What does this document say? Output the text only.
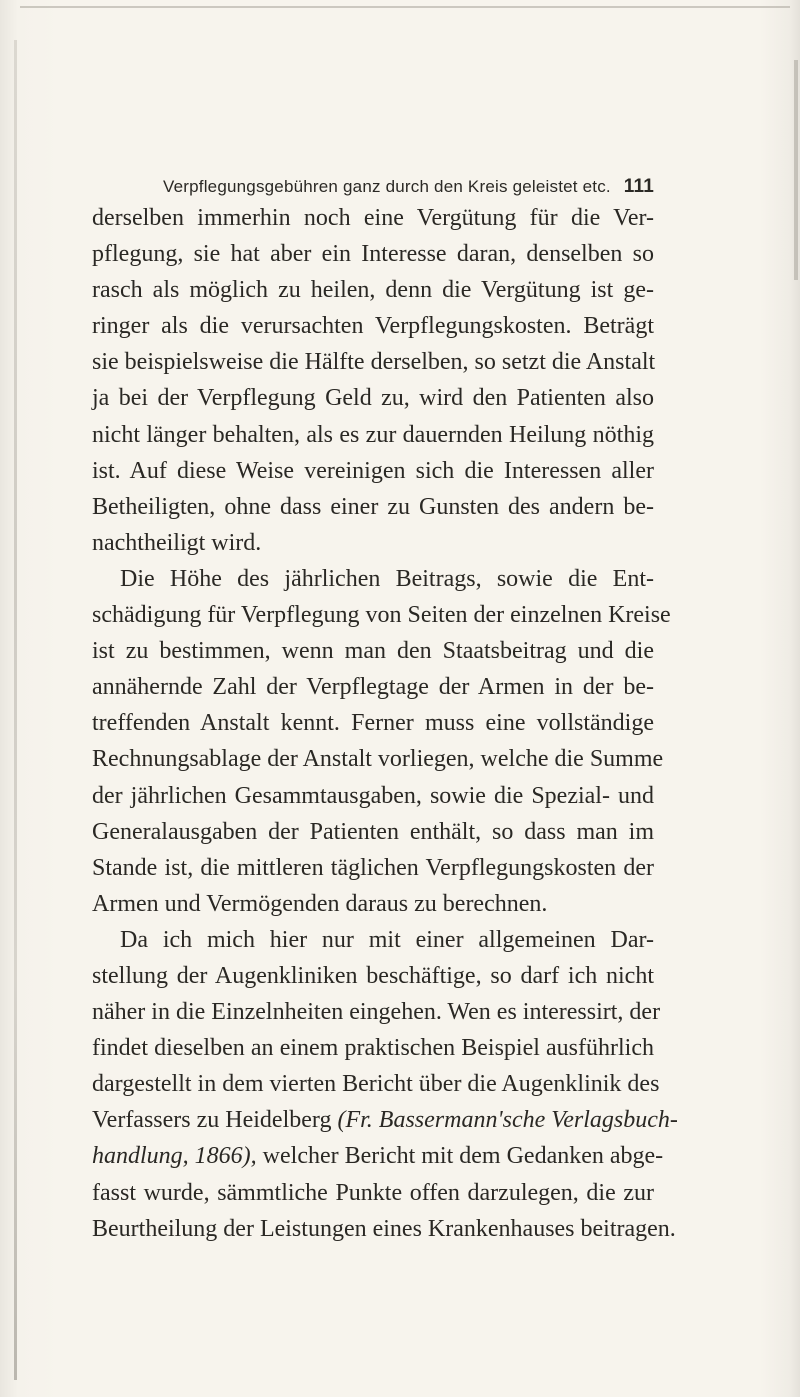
Verpflegungsgebühren ganz durch den Kreis geleistet etc. 111
derselben immerhin noch eine Vergütung für die Ver-
pflegung, sie hat aber ein Interesse daran, denselben so
rasch als möglich zu heilen, denn die Vergütung ist ge-
ringer als die verursachten Verpflegungskosten. Beträgt
sie beispielsweise die Hälfte derselben, so setzt die Anstalt
ja bei der Verpflegung Geld zu, wird den Patienten also
nicht länger behalten, als es zur dauernden Heilung nöthig
ist. Auf diese Weise vereinigen sich die Interessen aller
Betheiligten, ohne dass einer zu Gunsten des andern be-
nachtheiligt wird.
Die Höhe des jährlichen Beitrags, sowie die Ent-
schädigung für Verpflegung von Seiten der einzelnen Kreise
ist zu bestimmen, wenn man den Staatsbeitrag und die
annähernde Zahl der Verpflegtage der Armen in der be-
treffenden Anstalt kennt. Ferner muss eine vollständige
Rechnungsablage der Anstalt vorliegen, welche die Summe
der jährlichen Gesammtausgaben, sowie die Spezial- und
Generalausgaben der Patienten enthält, so dass man im
Stande ist, die mittleren täglichen Verpflegungskosten der
Armen und Vermögenden daraus zu berechnen.
Da ich mich hier nur mit einer allgemeinen Dar-
stellung der Augenkliniken beschäftige, so darf ich nicht
näher in die Einzelnheiten eingehen. Wen es interessirt, der
findet dieselben an einem praktischen Beispiel ausführlich
dargestellt in dem vierten Bericht über die Augenklinik des
Verfassers zu Heidelberg (Fr. Bassermann'sche Verlagsbuch-
handlung, 1866), welcher Bericht mit dem Gedanken abge-
fasst wurde, sämmtliche Punkte offen darzulegen, die zur
Beurtheilung der Leistungen eines Krankenhauses beitragen.
